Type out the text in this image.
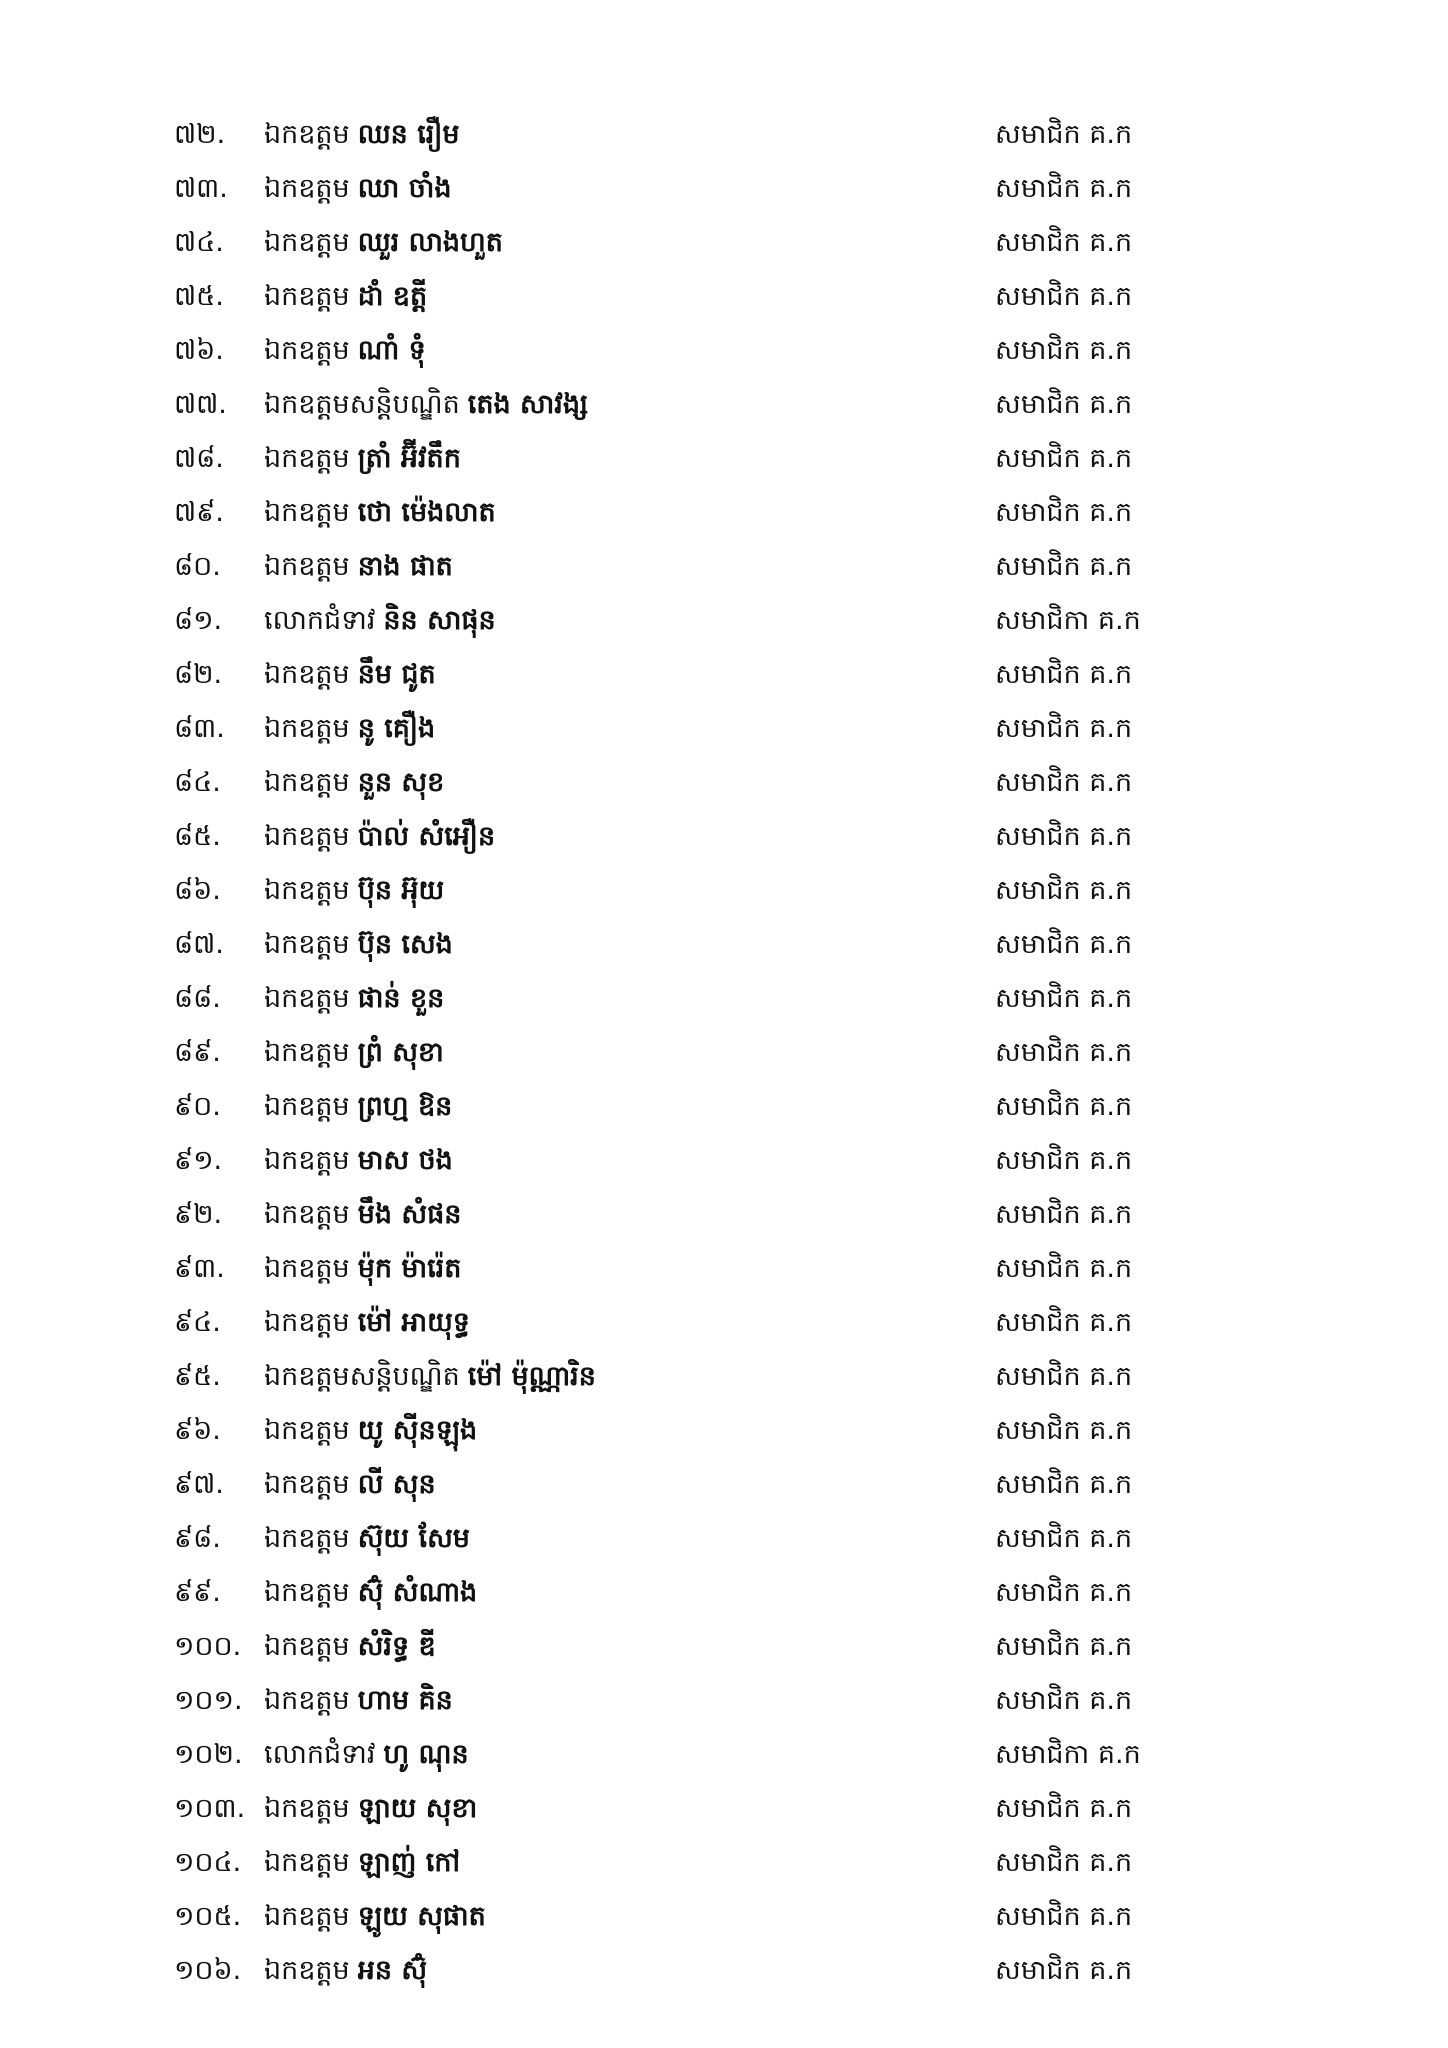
៧២.	ឯកឧត្តម ឈន រឿម	សមាជិក គ.ក
៧៣.	ឯកឧត្តម ឈា ចាំង	សមាជិក គ.ក
៧៤.	ឯកឧត្តម ឈួរ លាងហួត	សមាជិក គ.ក
៧៥.	ឯកឧត្តម ដាំ ឧត្តី	សមាជិក គ.ក
៧៦.	ឯកឧត្តម ណាំ ទុំ	សមាជិក គ.ក
៧៧.	ឯកឧត្តមសន្តិបណ្ឌិត តេង សាវង្ស	សមាជិក គ.ក
៧៨.	ឯកឧត្តម ត្រាំ អ៊ីវតឹក	សមាជិក គ.ក
៧៩.	ឯកឧត្តម ថោ ម៉េងលាត	សមាជិក គ.ក
៨០.	ឯកឧត្តម នាង ផាត	សមាជិក គ.ក
៨១.	លោកជំទាវ និន សាផុន	សមាជិកា គ.ក
៨២.	ឯកឧត្តម នឹម ជូត	សមាជិក គ.ក
៨៣.	ឯកឧត្តម នូ គឿង	សមាជិក គ.ក
៨៤.	ឯកឧត្តម នួន សុខ	សមាជិក គ.ក
៨៥.	ឯកឧត្តម ប៉ាល់ សំអឿន	សមាជិក គ.ក
៨៦.	ឯកឧត្តម ប៊ុន អ៊ុយ	សមាជិក គ.ក
៨៧.	ឯកឧត្តម ប៊ុន សេង	សមាជិក គ.ក
៨៨.	ឯកឧត្តម ផាន់ ខួន	សមាជិក គ.ក
៨៩.	ឯកឧត្តម ព្រំ សុខា	សមាជិក គ.ក
៩០.	ឯកឧត្តម ព្រហ្ម ឱន	សមាជិក គ.ក
៩១.	ឯកឧត្តម មាស ថង	សមាជិក គ.ក
៩២.	ឯកឧត្តម មឹង សំផន	សមាជិក គ.ក
៩៣.	ឯកឧត្តម ម៉ុក ម៉ារ៉េត	សមាជិក គ.ក
៩៤.	ឯកឧត្តម ម៉ៅ អាយុទ្ធ	សមាជិក គ.ក
៩៥.	ឯកឧត្តមសន្តិបណ្ឌិត ម៉ៅ ម៉ុណ្ណារិន	សមាជិក គ.ក
៩៦.	ឯកឧត្តម យូ ស៊ីនឡុង	សមាជិក គ.ក
៩៧.	ឯកឧត្តម លី សុន	សមាជិក គ.ក
៩៨.	ឯកឧត្តម ស៊ុយ សែម	សមាជិក គ.ក
៩៩.	ឯកឧត្តម ស៊ុំ សំណាង	សមាជិក គ.ក
១០០. ឯកឧត្តម សំរិទ្ធ ឌី	សមាជិក គ.ក
១០១. ឯកឧត្តម ហាម គិន	សមាជិក គ.ក
១០២. លោកជំទាវ ហូ ណុន	សមាជិកា គ.ក
១០៣. ឯកឧត្តម ឡាយ សុខា	សមាជិក គ.ក
១០៤. ឯកឧត្តម ឡាញ់ កៅ	សមាជិក គ.ក
១០៥. ឯកឧត្តម ឡូយ សុផាត	សមាជិក គ.ក
១០៦. ឯកឧត្តម អន ស៊ុំ	សមាជិក គ.ក
